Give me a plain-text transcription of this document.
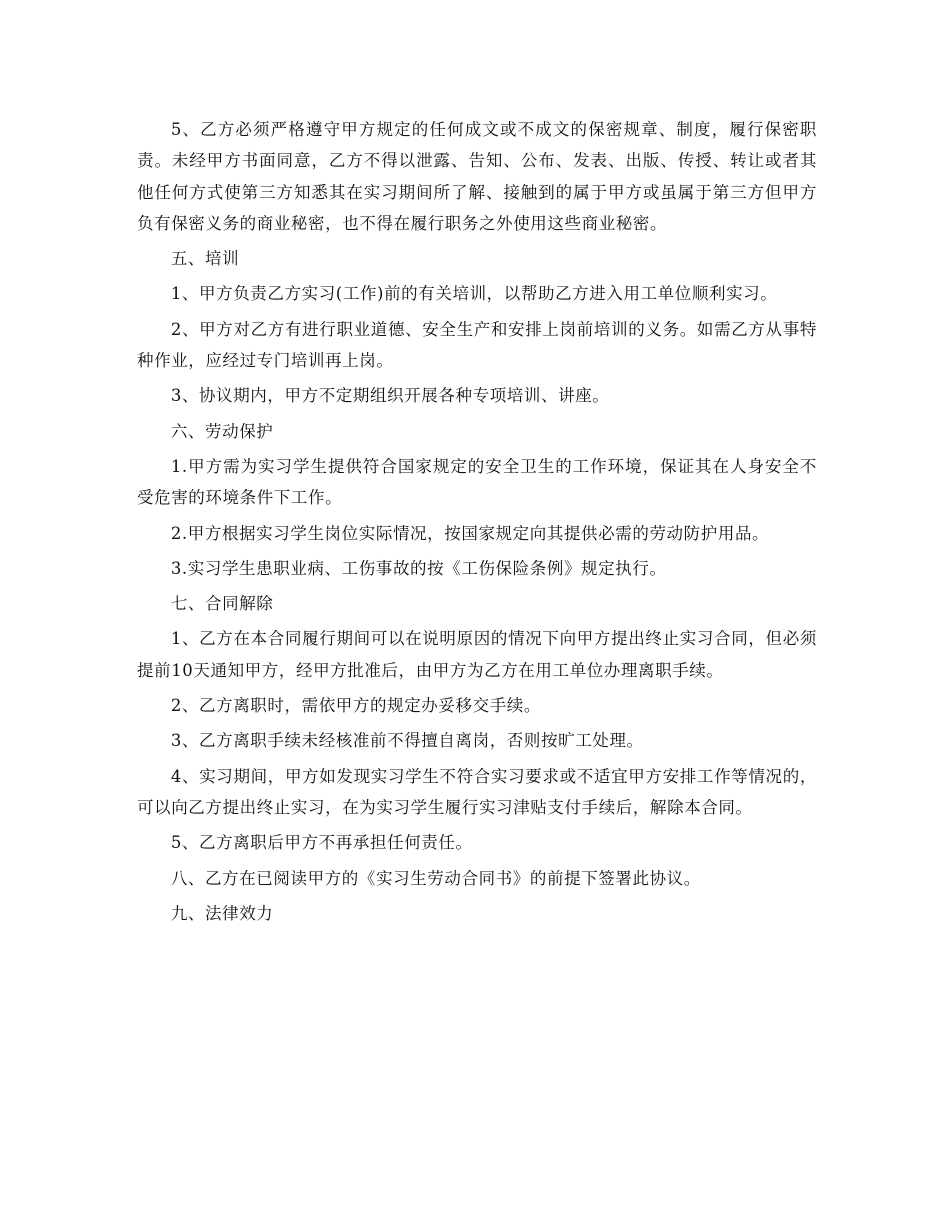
5、乙方必须严格遵守甲方规定的任何成文或不成文的保密规章、制度，履行保密职责。未经甲方书面同意，乙方不得以泄露、告知、公布、发表、出版、传授、转让或者其他任何方式使第三方知悉其在实习期间所了解、接触到的属于甲方或虽属于第三方但甲方负有保密义务的商业秘密，也不得在履行职务之外使用这些商业秘密。

五、培训

1、甲方负责乙方实习(工作)前的有关培训，以帮助乙方进入用工单位顺利实习。

2、甲方对乙方有进行职业道德、安全生产和安排上岗前培训的义务。如需乙方从事特种作业，应经过专门培训再上岗。

3、协议期内，甲方不定期组织开展各种专项培训、讲座。

六、劳动保护

1.甲方需为实习学生提供符合国家规定的安全卫生的工作环境，保证其在人身安全不受危害的环境条件下工作。

2.甲方根据实习学生岗位实际情况，按国家规定向其提供必需的劳动防护用品。

3.实习学生患职业病、工伤事故的按《工伤保险条例》规定执行。

七、合同解除

1、乙方在本合同履行期间可以在说明原因的情况下向甲方提出终止实习合同，但必须提前10天通知甲方，经甲方批准后，由甲方为乙方在用工单位办理离职手续。

2、乙方离职时，需依甲方的规定办妥移交手续。

3、乙方离职手续未经核准前不得擅自离岗，否则按旷工处理。

4、实习期间，甲方如发现实习学生不符合实习要求或不适宜甲方安排工作等情况的，可以向乙方提出终止实习，在为实习学生履行实习津贴支付手续后，解除本合同。

5、乙方离职后甲方不再承担任何责任。

八、乙方在已阅读甲方的《实习生劳动合同书》的前提下签署此协议。

九、法律效力
